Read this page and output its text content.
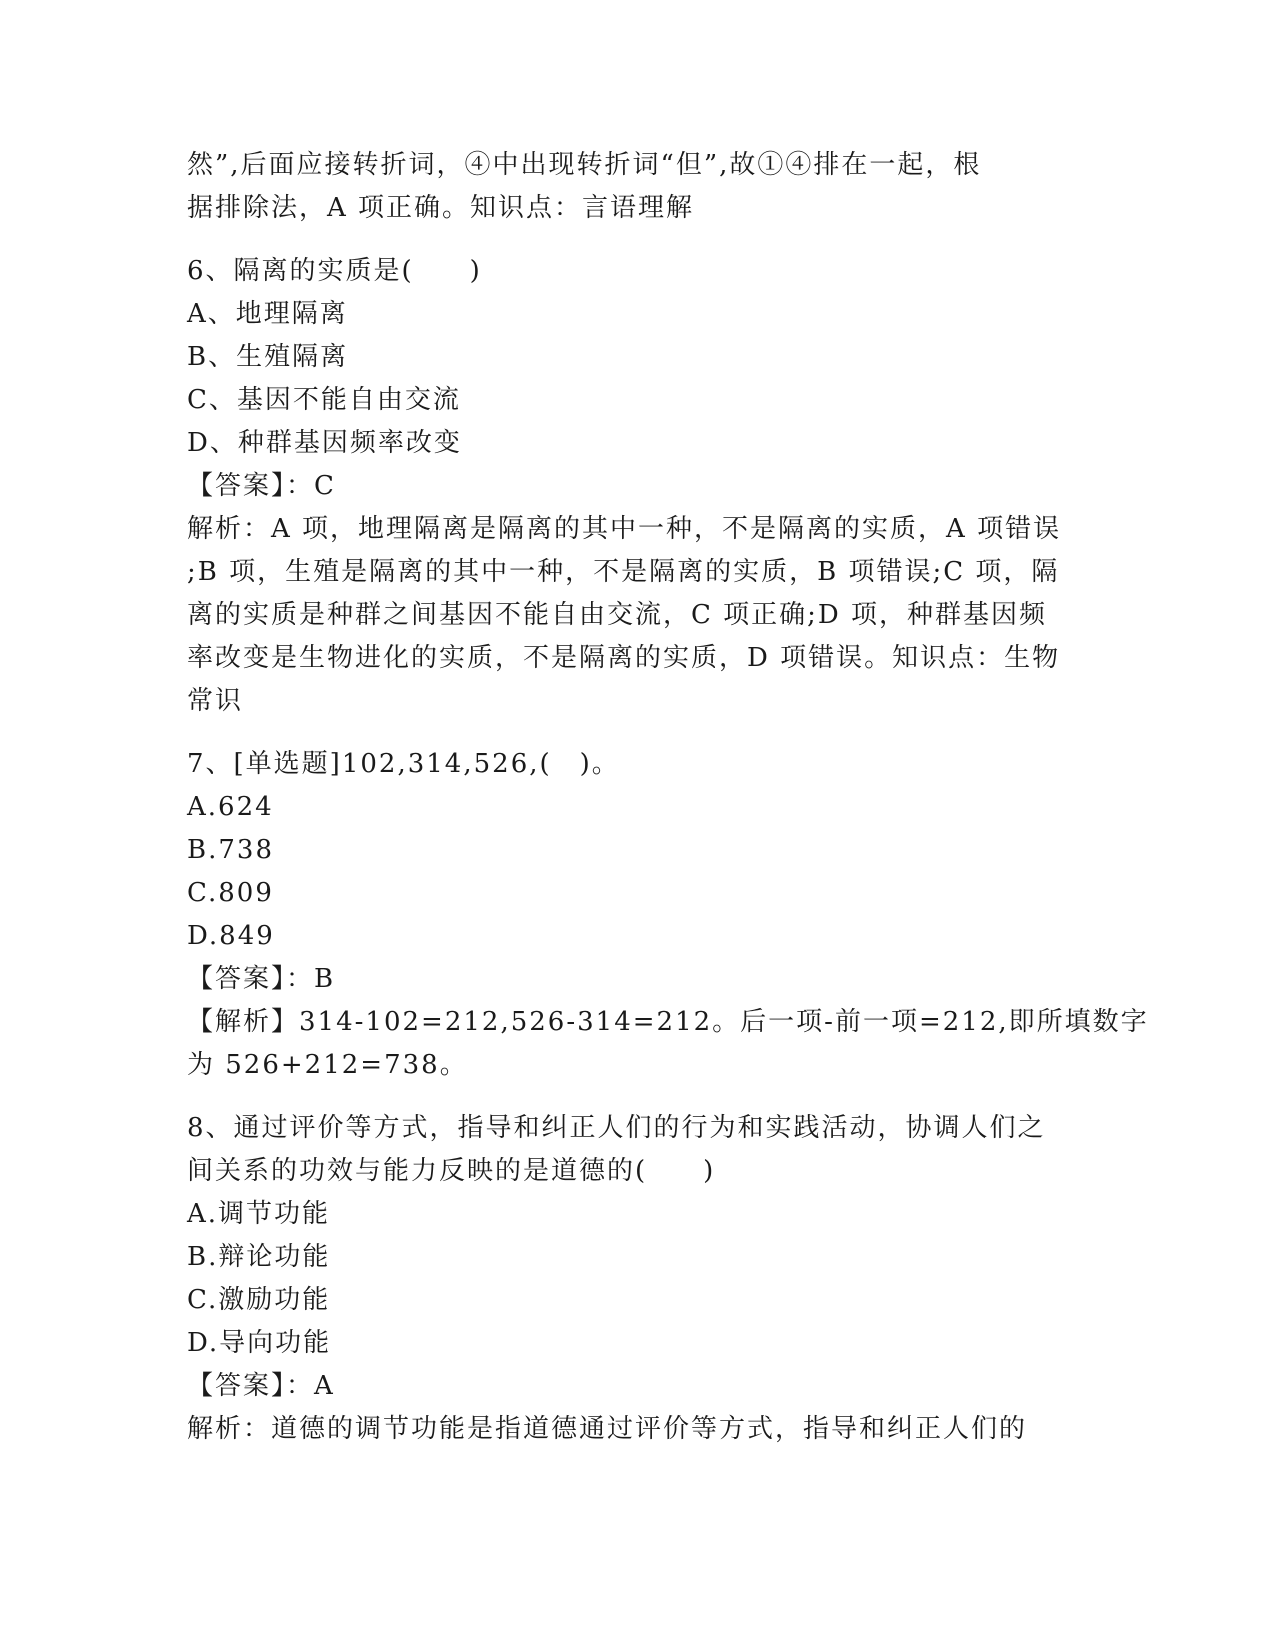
然”,后面应接转折词，④中出现转折词“但”,故①④排在一起，根
据排除法，A 项正确。知识点：言语理解
6、隔离的实质是(　　)
A、地理隔离
B、生殖隔离
C、基因不能自由交流
D、种群基因频率改变
【答案】：C
解析：A 项，地理隔离是隔离的其中一种，不是隔离的实质，A 项错误
;B 项，生殖是隔离的其中一种，不是隔离的实质，B 项错误;C 项，隔
离的实质是种群之间基因不能自由交流，C 项正确;D 项，种群基因频
率改变是生物进化的实质，不是隔离的实质，D 项错误。知识点：生物
常识
7、[单选题]102,314,526,(　)。
A.624
B.738
C.809
D.849
【答案】：B
【解析】314-102=212,526-314=212。后一项-前一项=212,即所填数字
为 526+212=738。
8、通过评价等方式，指导和纠正人们的行为和实践活动，协调人们之
间关系的功效与能力反映的是道德的(　　)
A.调节功能
B.辩论功能
C.激励功能
D.导向功能
【答案】：A
解析：道德的调节功能是指道德通过评价等方式，指导和纠正人们的
